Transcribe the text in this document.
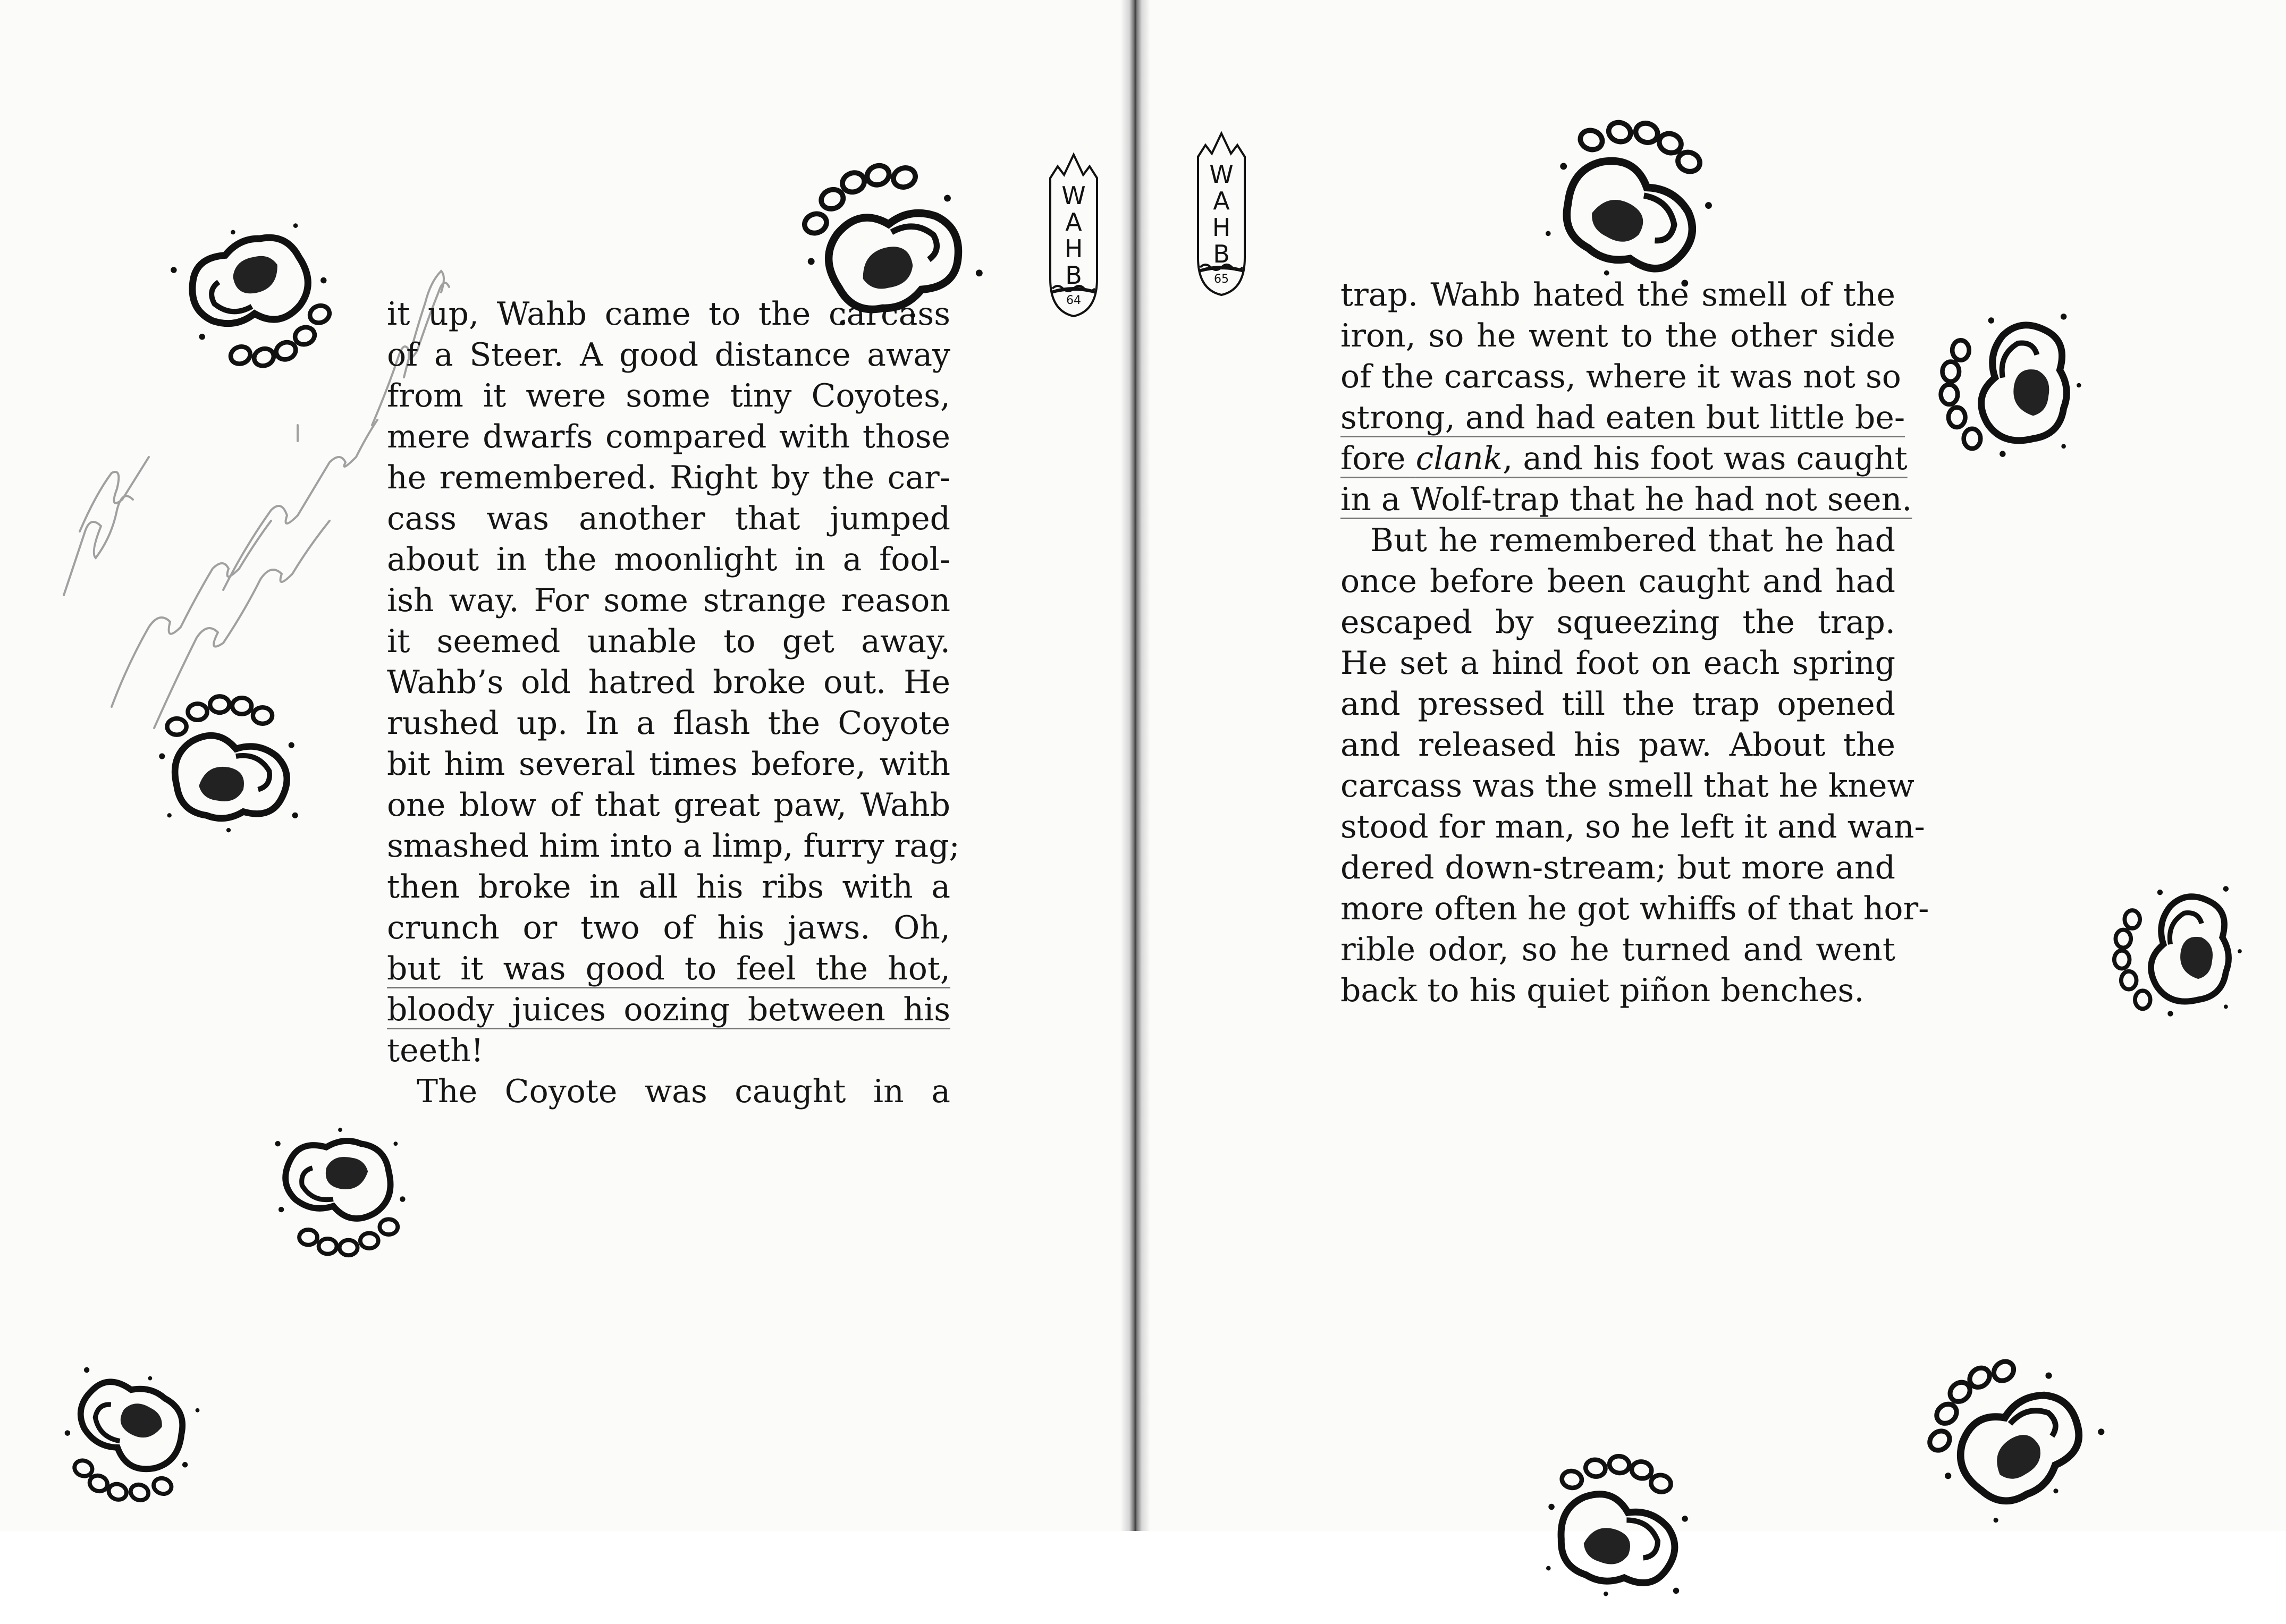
W
A
H
B
64
W
A
H
B
65
it up, Wahb came to the carcass
of a Steer. A good distance away
from it were some tiny Coyotes,
mere dwarfs compared with those
he remembered. Right by the car-
cass was another that jumped
about in the moonlight in a fool-
ish way. For some strange reason
it seemed unable to get away.
Wahb’s old hatred broke out. He
rushed up. In a flash the Coyote
bit him several times before, with
one blow of that great paw, Wahb
smashed him into a limp, furry rag;
then broke in all his ribs with a
crunch or two of his jaws. Oh,
but it was good to feel the hot,
bloody juices oozing between his
teeth!
The Coyote was caught in a
trap. Wahb hated the smell of the
iron, so he went to the other side
of the carcass, where it was not so
strong, and had eaten but little be-
fore clank, and his foot was caught
in a Wolf-trap that he had not seen.
But he remembered that he had
once before been caught and had
escaped by squeezing the trap.
He set a hind foot on each spring
and pressed till the trap opened
and released his paw. About the
carcass was the smell that he knew
stood for man, so he left it and wan-
dered down-stream; but more and
more often he got whiffs of that hor-
rible odor, so he turned and went
back to his quiet piñon benches.
